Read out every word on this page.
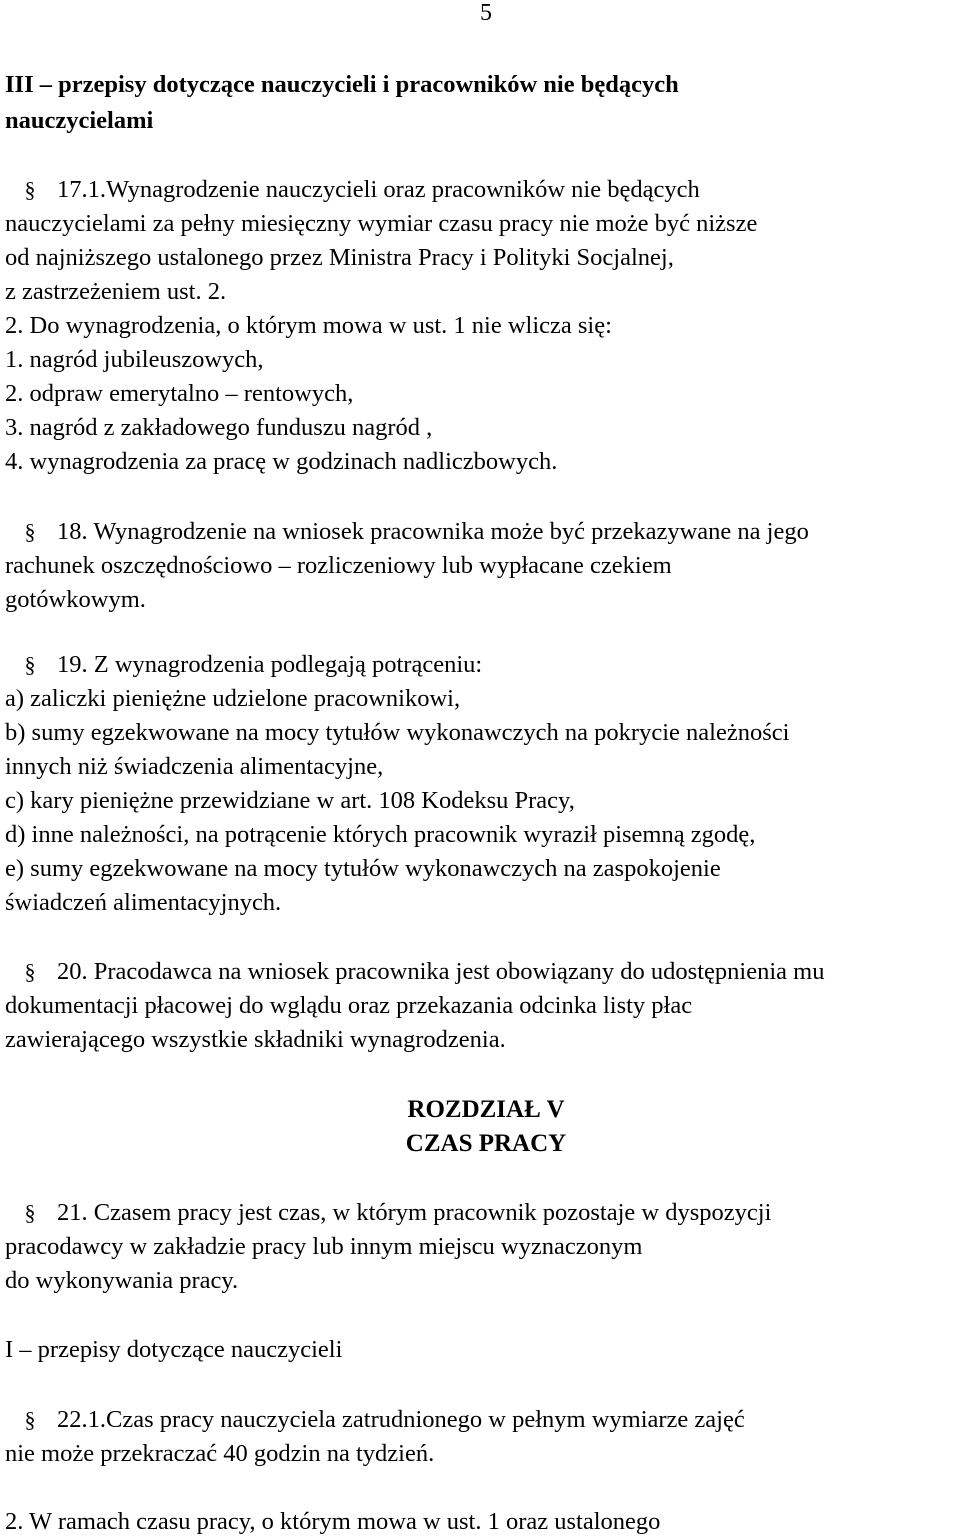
5
III – przepisy dotyczące nauczycieli i pracowników nie będących
nauczycielami
§ 17.1.Wynagrodzenie nauczycieli oraz pracowników nie będących
nauczycielami za pełny miesięczny wymiar czasu pracy nie może być niższe
od najniższego ustalonego przez Ministra Pracy i Polityki Socjalnej,
z zastrzeżeniem ust. 2.
2. Do wynagrodzenia, o którym mowa w ust. 1 nie wlicza się:
1. nagród jubileuszowych,
2. odpraw emerytalno – rentowych,
3. nagród z zakładowego funduszu nagród ,
4. wynagrodzenia za pracę w godzinach nadliczbowych.
§ 18. Wynagrodzenie na wniosek pracownika może być przekazywane na jego
rachunek oszczędnościowo – rozliczeniowy lub wypłacane czekiem
gotówkowym.
§ 19. Z wynagrodzenia podlegają potrąceniu:
a) zaliczki pieniężne udzielone pracownikowi,
b) sumy egzekwowane na mocy tytułów wykonawczych na pokrycie należności
innych niż świadczenia alimentacyjne,
c) kary pieniężne przewidziane w art. 108 Kodeksu Pracy,
d) inne należności, na potrącenie których pracownik wyraził pisemną zgodę,
e) sumy egzekwowane na mocy tytułów wykonawczych na zaspokojenie
świadczeń alimentacyjnych.
§ 20. Pracodawca na wniosek pracownika jest obowiązany do udostępnienia mu
dokumentacji płacowej do wglądu oraz przekazania odcinka listy płac
zawierającego wszystkie składniki wynagrodzenia.
ROZDZIAŁ V
CZAS PRACY
§ 21. Czasem pracy jest czas, w którym pracownik pozostaje w dyspozycji
pracodawcy w zakładzie pracy lub innym miejscu wyznaczonym
do wykonywania pracy.
I – przepisy dotyczące nauczycieli
§ 22.1.Czas pracy nauczyciela zatrudnionego w pełnym wymiarze zajęć
nie może przekraczać 40 godzin na tydzień.
2. W ramach czasu pracy, o którym mowa w ust. 1 oraz ustalonego
